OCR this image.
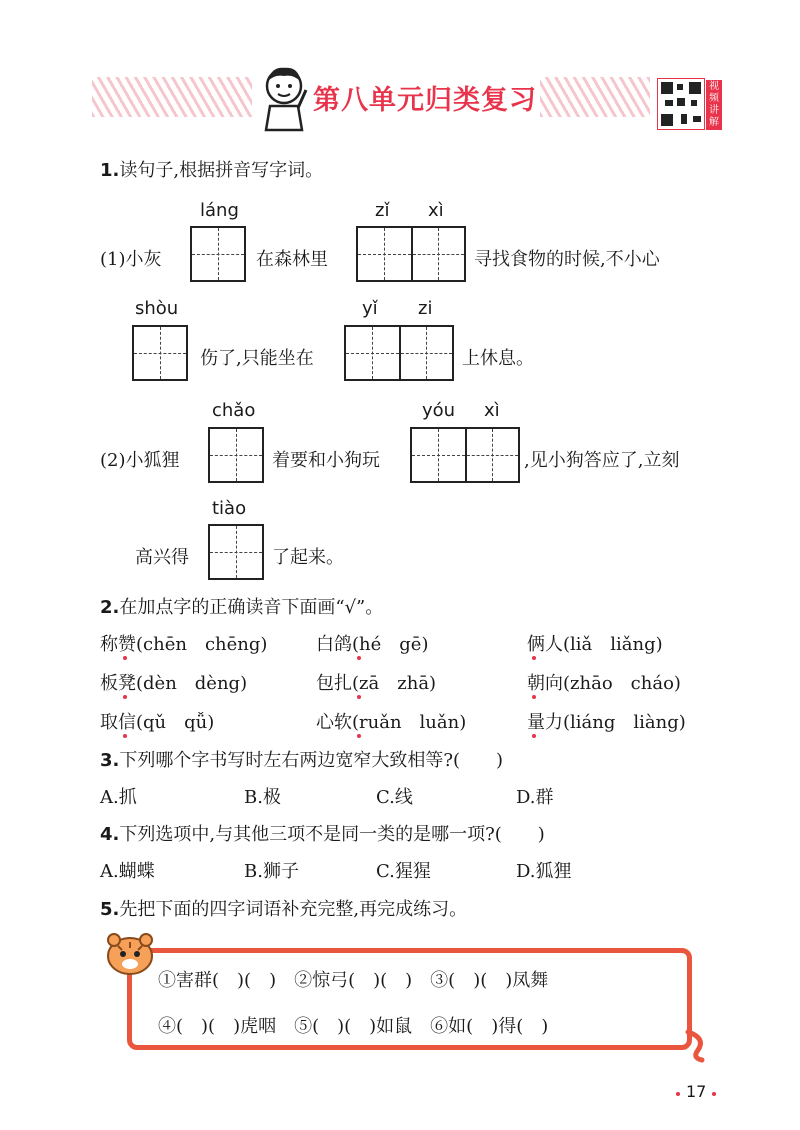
第八单元归类复习	视频讲解
1.读句子,根据拼音写字词。
láng	zǐ xì
(1)小灰	在森林里	寻找食物的时候,不小心
shòu	yǐ zi
伤了,只能坐在	上休息。
chǎo	yóu xì
(2)小狐狸	着要和小狗玩	,见小狗答应了,立刻
tiào
高兴得	了起来。
2.在加点字的正确读音下面画“√”。
称赞(chēn　chēng)	白鸽(hé　gē)	俩人(liǎ　liǎng)
板凳(dèn　dèng)	包扎(zā　zhā)	朝向(zhāo　cháo)
取信(qǔ　qǚ)	心软(ruǎn　luǎn)	量力(liáng　liàng)
3.下列哪个字书写时左右两边宽窄大致相等?(　　)
A.抓	B.极	C.线	D.群
4.下列选项中,与其他三项不是同一类的是哪一项?(　　)
A.蝴蝶	B.狮子	C.猩猩	D.狐狸
5.先把下面的四字词语补充完整,再完成练习。
①害群(　)(　)　②惊弓(　)(　)　③(　)(　)凤舞
④(　)(　)虎咽　⑤(　)(　)如鼠　⑥如(　)得(　)
17
